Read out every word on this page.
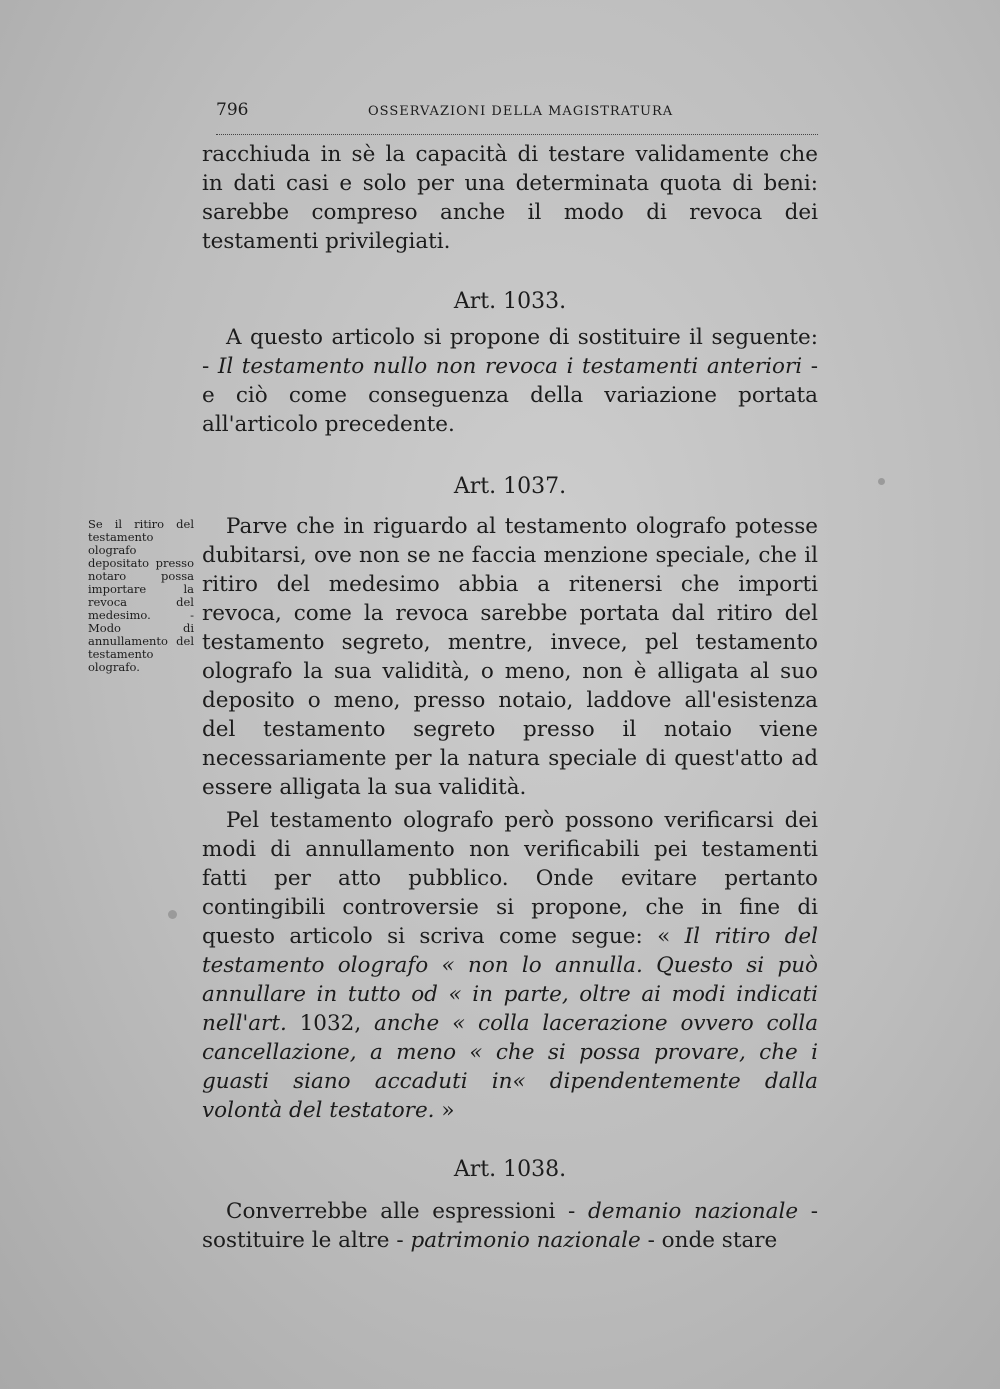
796	OSSERVAZIONI DELLA MAGISTRATURA

racchiuda in sè la capacità di testare validamente che in dati casi e solo per una determinata quota di beni: sarebbe compreso anche il modo di revoca dei testamenti privilegiati.

Art. 1033.

A questo articolo si propone di sostituire il seguente: - Il testamento nullo non revoca i testamenti anteriori - e ciò come conseguenza della variazione portata all'articolo precedente.

Art. 1037.

Parve che in riguardo al testamento olografo potesse dubitarsi, ove non se ne faccia menzione speciale, che il ritiro del medesimo abbia a ritenersi che importi revoca, come la revoca sarebbe portata dal ritiro del testamento segreto, mentre, invece, pel testamento olografo la sua validità, o meno, non è alligata al suo deposito o meno, presso notaio, laddove all'esistenza del testamento segreto presso il notaio viene necessariamente per la natura speciale di quest'atto ad essere alligata la sua validità.

Pel testamento olografo però possono verificarsi dei modi di annullamento non verificabili pei testamenti fatti per atto pubblico. Onde evitare pertanto contingibili controversie si propone, che in fine di questo articolo si scriva come segue: « Il ritiro del testamento olografo « non lo annulla. Questo si può annullare in tutto od « in parte, oltre ai modi indicati nell'art. 1032, anche « colla lacerazione ovvero colla cancellazione, a meno « che si possa provare, che i guasti siano accaduti in« dipendentemente dalla volontà del testatore. »

Art. 1038.

Converrebbe alle espressioni - demanio nazionale - sostituire le altre - patrimonio nazionale - onde stare

Se il ritiro del testamento olografo depositato presso notaro possa importare la revoca del medesimo. - Modo di annullamento del testamento olografo.
